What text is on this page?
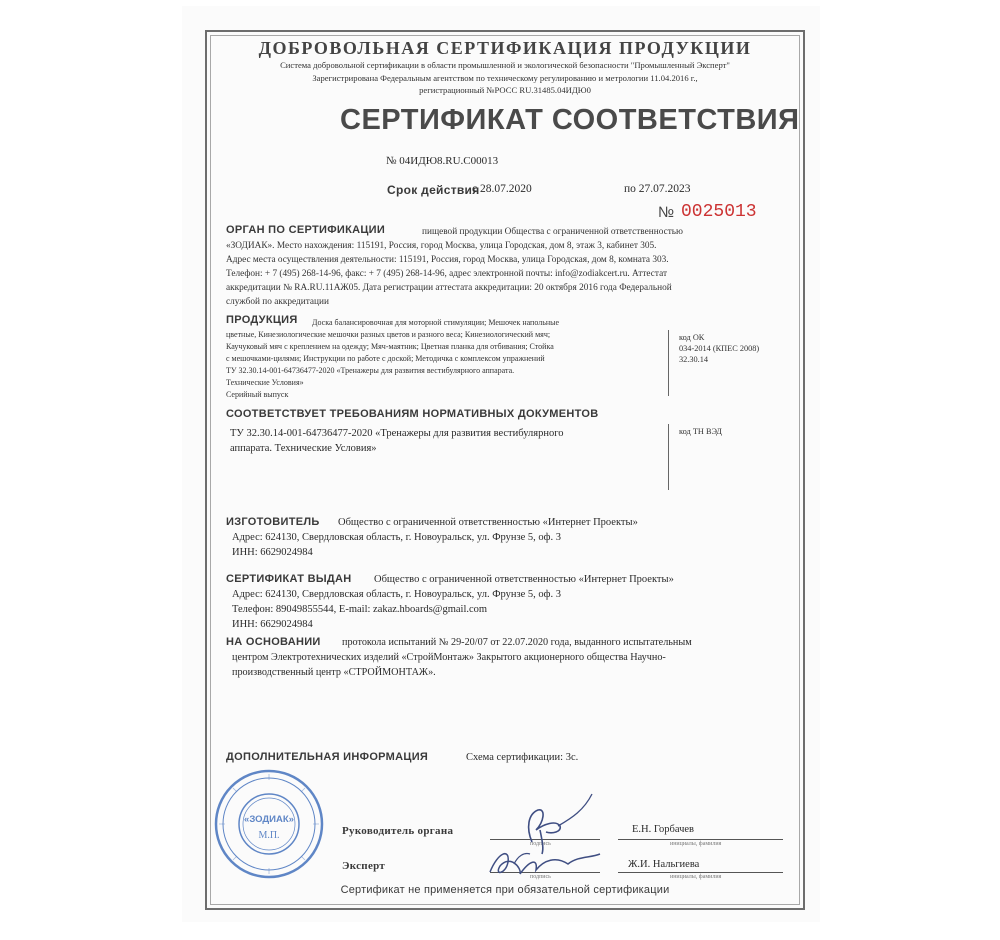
ДОБРОВОЛЬНАЯ СЕРТИФИКАЦИЯ ПРОДУКЦИИ
Система добровольной сертификации в области промышленной и экологической безопасности "Промышленный Эксперт"
Зарегистрирована Федеральным агентством по техническому регулированию и метрологии 11.04.2016 г.,
регистрационный №РОСС RU.31485.04ИДЮ0
СЕРТИФИКАТ СООТВЕТСТВИЯ
№ 04ИДЮ8.RU.C00013
Срок действия
с 28.07.2020	по 27.07.2023
№ 0025013
ОРГАН ПО СЕРТИФИКАЦИИ	пищевой продукции Общества с ограниченной ответственностью
«ЗОДИАК». Место нахождения: 115191, Россия, город Москва, улица Городская, дом 8, этаж 3, кабинет 305.
Адрес места осуществления деятельности: 115191, Россия, город Москва, улица Городская, дом 8, комната 303.
Телефон: + 7 (495) 268-14-96, факс: + 7 (495) 268-14-96, адрес электронной почты: info@zodiakcert.ru. Аттестат
аккредитации № RA.RU.11АЖ05. Дата регистрации аттестата аккредитации: 20 октября 2016 года Федеральной
службой по аккредитации
ПРОДУКЦИЯ Доска балансировочная для моторной стимуляции; Мешочек напольные
цветные, Кинезиологические мешочки разных цветов и разного веса; Кинезиологический мяч;
Каучуковый мяч с креплением на одежду; Мяч-маятник; Цветная планка для отбивания; Стойка
с мешочками-цилями; Инструкции по работе с доской; Методичка с комплексом упражнений
ТУ 32.30.14-001-64736477-2020 «Тренажеры для развития вестибулярного аппарата.
Технические Условия»
Серийный выпуск
код ОК
034-2014 (КПЕС 2008)
32.30.14
СООТВЕТСТВУЕТ ТРЕБОВАНИЯМ НОРМАТИВНЫХ ДОКУМЕНТОВ
ТУ 32.30.14-001-64736477-2020 «Тренажеры для развития вестибулярного
аппарата. Технические Условия»
код ТН ВЭД
ИЗГОТОВИТЕЛЬ Общество с ограниченной ответственностью «Интернет Проекты»
Адрес: 624130, Свердловская область, г. Новоуральск, ул. Фрунзе 5, оф. 3
ИНН: 6629024984
СЕРТИФИКАТ ВЫДАН Общество с ограниченной ответственностью «Интернет Проекты»
Адрес: 624130, Свердловская область, г. Новоуральск, ул. Фрунзе 5, оф. 3
Телефон: 89049855544, E-mail: zakaz.hboards@gmail.com
ИНН: 6629024984
НА ОСНОВАНИИ протокола испытаний № 29-20/07 от 22.07.2020 года, выданного испытательным
центром Электротехнических изделий «СтройМонтаж» Закрытого акционерного общества Научно-
производственный центр «СТРОЙМОНТАЖ».
ДОПОЛНИТЕЛЬНАЯ ИНФОРМАЦИЯ	Схема сертификации: 3с.
«ЗОДИАК»
М.П.	Руководитель органа
подпись
Е.Н. Горбачев
инициалы, фамилия
Эксперт
подпись
Ж.И. Нальгиева
инициалы, фамилия
Сертификат не применяется при обязательной сертификации
